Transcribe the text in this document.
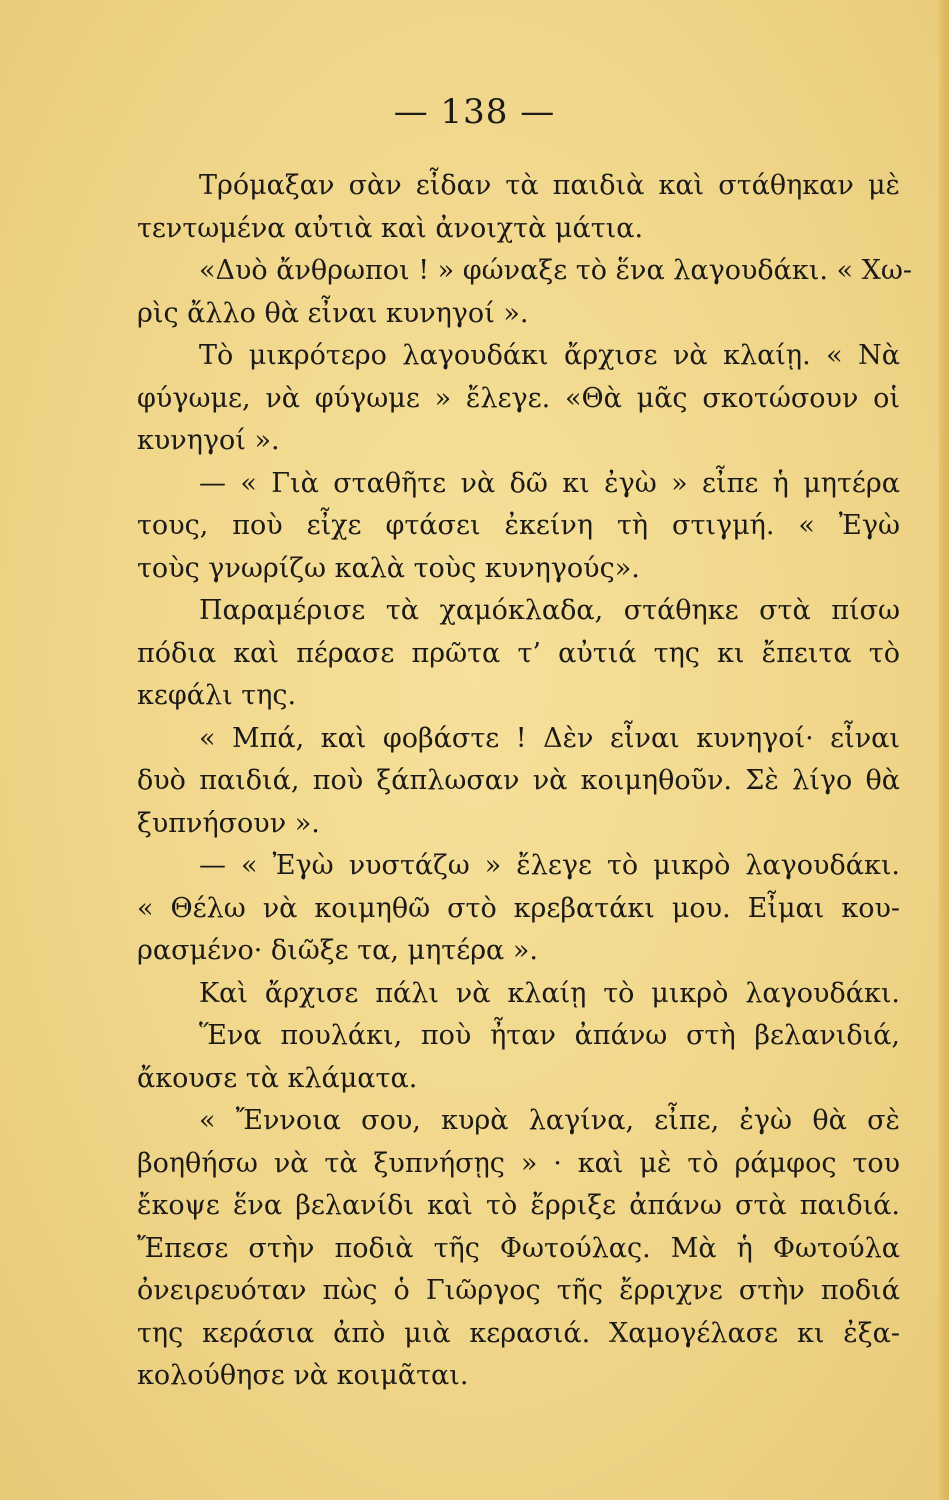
— 138 —
Τρόμαξαν σὰν εἶδαν τὰ παιδιὰ καὶ στάθηκαν μὲ
τεντωμένα αὐτιὰ καὶ ἀνοιχτὰ μάτια.
«Δυὸ ἄνθρωποι ! » φώναξε τὸ ἕνα λαγουδάκι. « Χω-
ρὶς ἄλλο θὰ εἶναι κυνηγοί ».
Τὸ μικρότερο λαγουδάκι ἄρχισε νὰ κλαίῃ. « Νὰ
φύγωμε, νὰ φύγωμε » ἔλεγε. «Θὰ μᾶς σκοτώσουν οἱ
κυνηγοί ».
— « Γιὰ σταθῆτε νὰ δῶ κι ἐγὼ » εἶπε ἡ μητέρα
τους, ποὺ εἶχε φτάσει ἐκείνη τὴ στιγμή. « Ἐγὼ
τοὺς γνωρίζω καλὰ τοὺς κυνηγούς».
Παραμέρισε τὰ χαμόκλαδα, στάθηκε στὰ πίσω
πόδια καὶ πέρασε πρῶτα τ’ αὐτιά της κι ἔπειτα τὸ
κεφάλι της.
« Μπά, καὶ φοβάστε ! Δὲν εἶναι κυνηγοί· εἶναι
δυὸ παιδιά, ποὺ ξάπλωσαν νὰ κοιμηθοῦν. Σὲ λίγο θὰ
ξυπνήσουν ».
— « Ἐγὼ νυστάζω » ἔλεγε τὸ μικρὸ λαγουδάκι.
« Θέλω νὰ κοιμηθῶ στὸ κρεβατάκι μου. Εἶμαι κου-
ρασμένο· διῶξε τα, μητέρα ».
Καὶ ἄρχισε πάλι νὰ κλαίῃ τὸ μικρὸ λαγουδάκι.
Ἕνα πουλάκι, ποὺ ἦταν ἀπάνω στὴ βελανιδιά,
ἄκουσε τὰ κλάματα.
« Ἔννοια σου, κυρὰ λαγίνα, εἶπε, ἐγὼ θὰ σὲ
βοηθήσω νὰ τὰ ξυπνήσῃς » · καὶ μὲ τὸ ράμφος του
ἔκοψε ἕνα βελανίδι καὶ τὸ ἔρριξε ἀπάνω στὰ παιδιά.
Ἔπεσε στὴν ποδιὰ τῆς Φωτούλας. Μὰ ἡ Φωτούλα
ὀνειρευόταν πὼς ὁ Γιῶργος τῆς ἔρριχνε στὴν ποδιά
της κεράσια ἀπὸ μιὰ κερασιά. Χαμογέλασε κι ἐξα-
κολούθησε νὰ κοιμᾶται.
